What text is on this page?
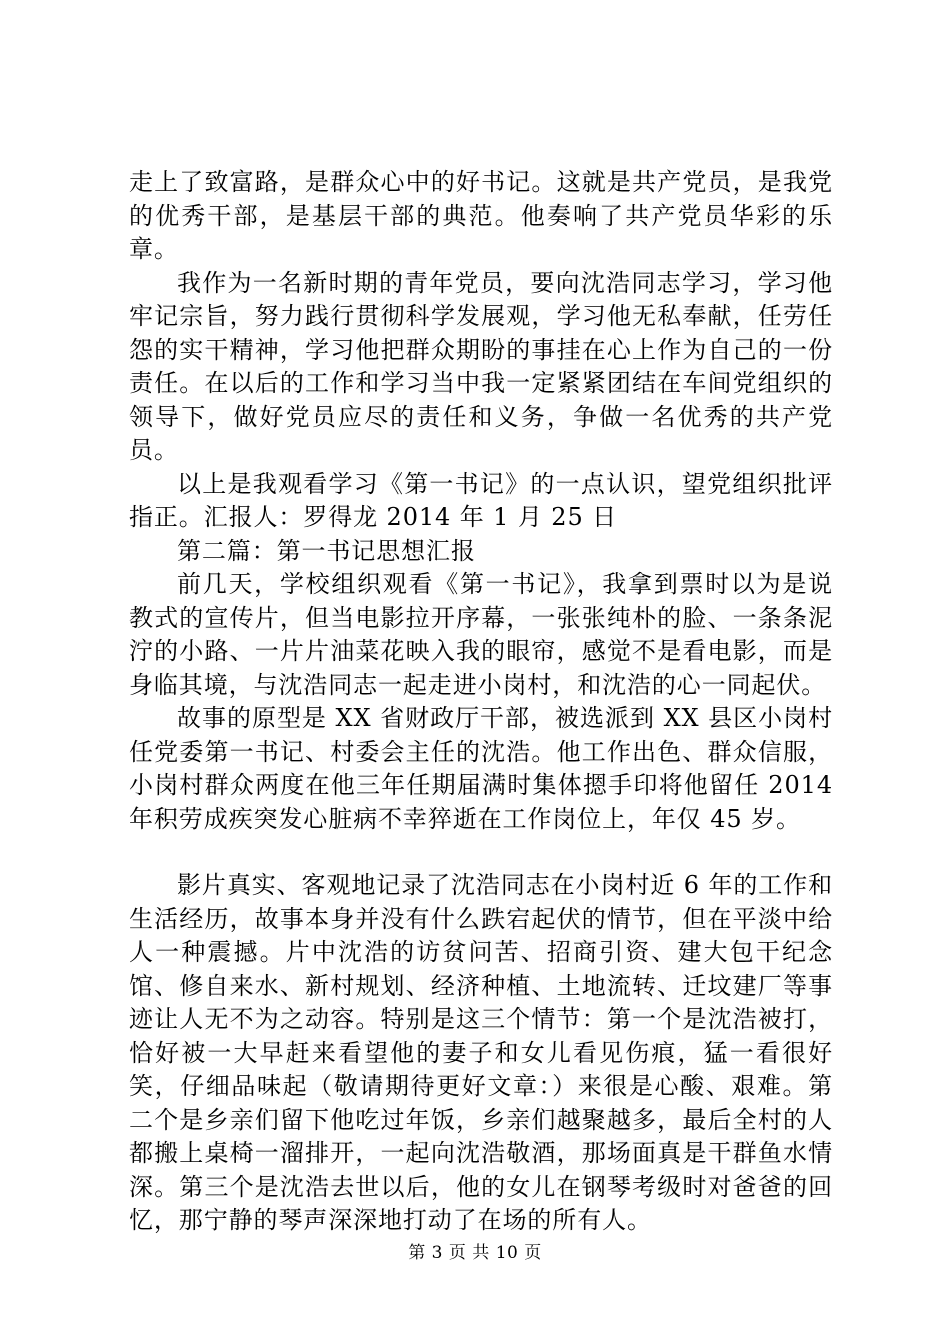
走上了致富路，是群众心中的好书记。这就是共产党员，是我党的优秀干部，是基层干部的典范。他奏响了共产党员华彩的乐章。

我作为一名新时期的青年党员，要向沈浩同志学习，学习他牢记宗旨，努力践行贯彻科学发展观，学习他无私奉献，任劳任怨的实干精神，学习他把群众期盼的事挂在心上作为自己的一份责任。在以后的工作和学习当中我一定紧紧团结在车间党组织的领导下，做好党员应尽的责任和义务，争做一名优秀的共产党员。

以上是我观看学习《第一书记》的一点认识，望党组织批评指正。汇报人：罗得龙 2014 年 1 月 25 日

第二篇：第一书记思想汇报

前几天，学校组织观看《第一书记》，我拿到票时以为是说教式的宣传片，但当电影拉开序幕，一张张纯朴的脸、一条条泥泞的小路、一片片油菜花映入我的眼帘，感觉不是看电影，而是身临其境，与沈浩同志一起走进小岗村，和沈浩的心一同起伏。

故事的原型是 XX 省财政厅干部，被选派到 XX 县区小岗村任党委第一书记、村委会主任的沈浩。他工作出色、群众信服，小岗村群众两度在他三年任期届满时集体摁手印将他留任 2014 年积劳成疾突发心脏病不幸猝逝在工作岗位上，年仅 45 岁。

影片真实、客观地记录了沈浩同志在小岗村近 6 年的工作和生活经历，故事本身并没有什么跌宕起伏的情节，但在平淡中给人一种震撼。片中沈浩的访贫问苦、招商引资、建大包干纪念馆、修自来水、新村规划、经济种植、土地流转、迁坟建厂等事迹让人无不为之动容。特别是这三个情节：第一个是沈浩被打，恰好被一大早赶来看望他的妻子和女儿看见伤痕，猛一看很好笑，仔细品味起（敬请期待更好文章：）来很是心酸、艰难。第二个是乡亲们留下他吃过年饭，乡亲们越聚越多，最后全村的人都搬上桌椅一溜排开，一起向沈浩敬酒，那场面真是干群鱼水情深。第三个是沈浩去世以后，他的女儿在钢琴考级时对爸爸的回忆，那宁静的琴声深深地打动了在场的所有人。

第 3 页 共 10 页
